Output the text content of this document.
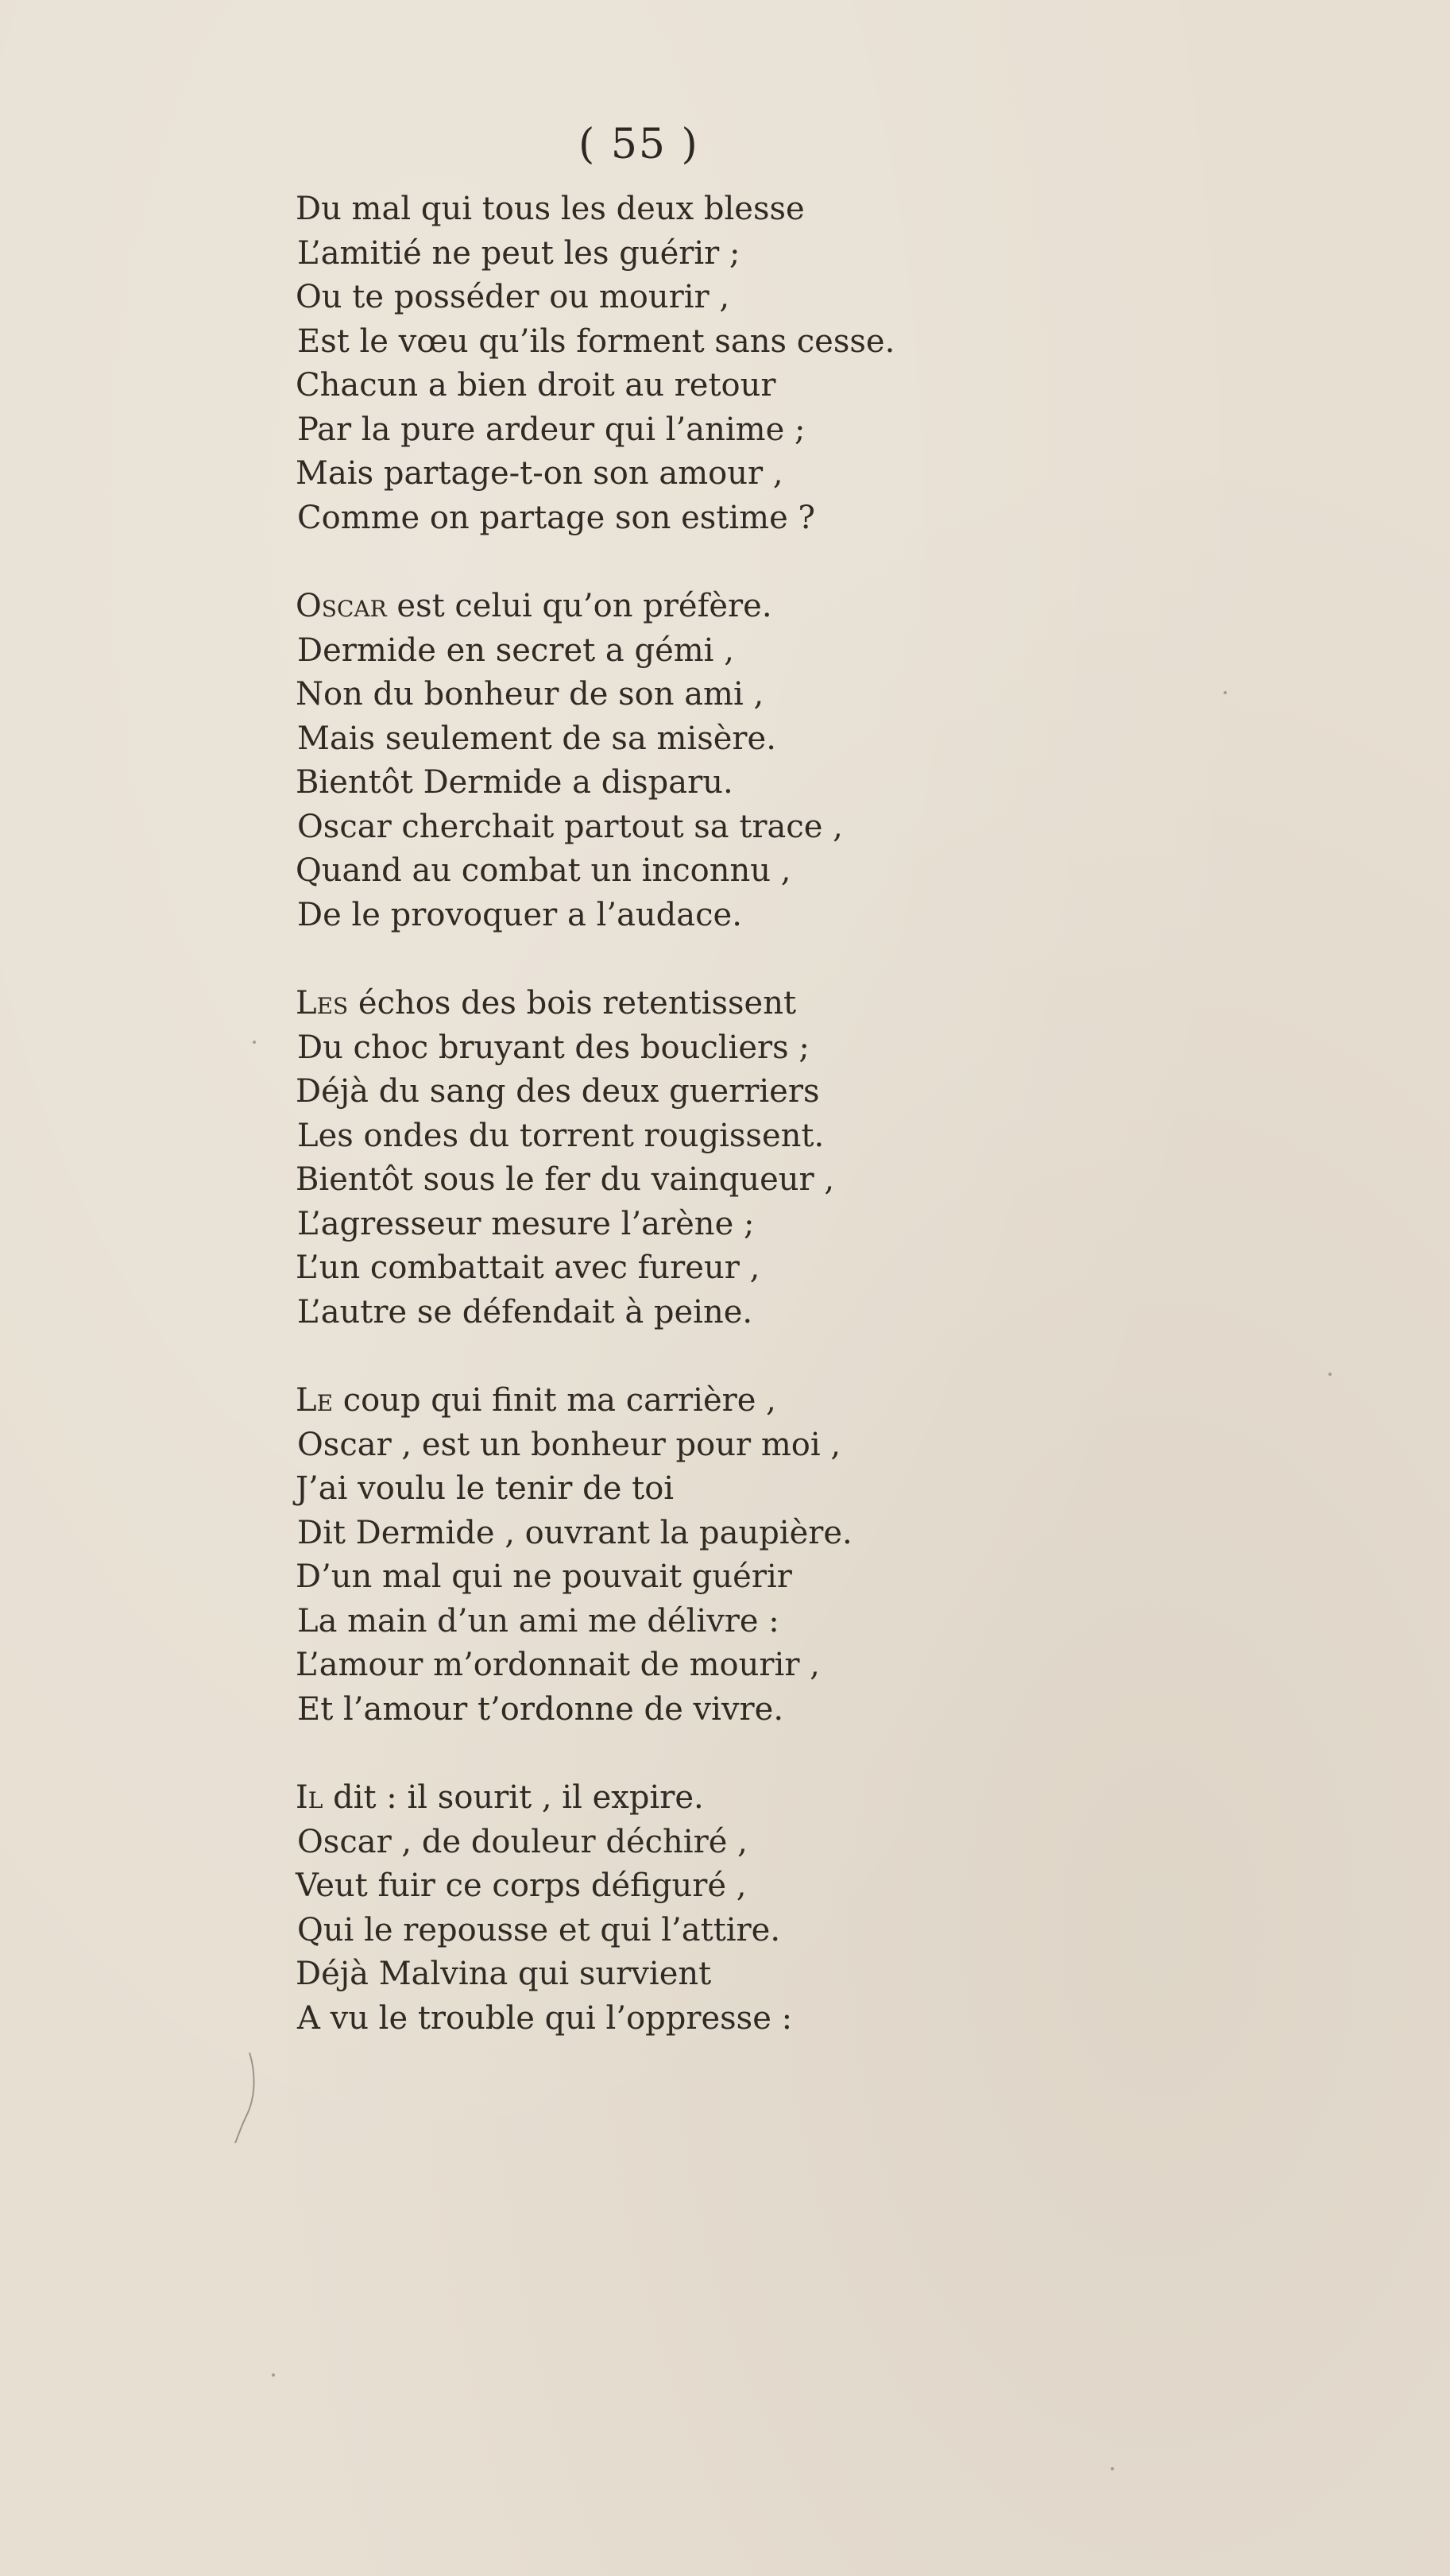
( 55 )
Du mal qui tous les deux blesse
L’amitié ne peut les guérir ;
Ou te posséder ou mourir ,
Est le vœu qu’ils forment sans cesse.
Chacun a bien droit au retour
Par la pure ardeur qui l’anime ;
Mais partage-t-on son amour ,
Comme on partage son estime ?
Oscar est celui qu’on préfère.
Dermide en secret a gémi ,
Non du bonheur de son ami ,
Mais seulement de sa misère.
Bientôt Dermide a disparu.
Oscar cherchait partout sa trace ,
Quand au combat un inconnu ,
De le provoquer a l’audace.
Les échos des bois retentissent
Du choc bruyant des boucliers ;
Déjà du sang des deux guerriers
Les ondes du torrent rougissent.
Bientôt sous le fer du vainqueur ,
L’agresseur mesure l’arène ;
L’un combattait avec fureur ,
L’autre se défendait à peine.
Le coup qui finit ma carrière ,
Oscar , est un bonheur pour moi ,
J’ai voulu le tenir de toi
Dit Dermide , ouvrant la paupière.
D’un mal qui ne pouvait guérir
La main d’un ami me délivre :
L’amour m’ordonnait de mourir ,
Et l’amour t’ordonne de vivre.
Il dit : il sourit , il expire.
Oscar , de douleur déchiré ,
Veut fuir ce corps défiguré ,
Qui le repousse et qui l’attire.
Déjà Malvina qui survient
A vu le trouble qui l’oppresse :
